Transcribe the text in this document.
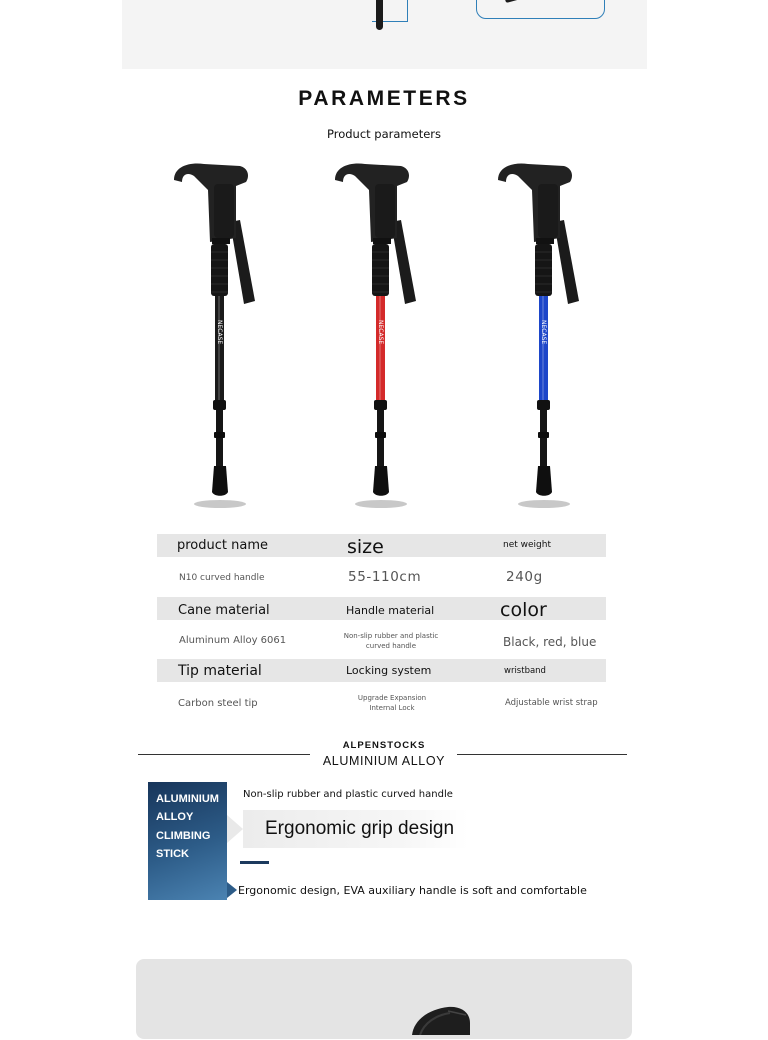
PARAMETERS
Product parameters
NECASE	NECASE	NECASE
product name	size	net weight
N10 curved handle	55-110cm	240g
Cane material	Handle material	color
Aluminum Alloy 6061	Non-slip rubber and plastic curved handle	Black, red, blue
Tip material	Locking system	wristband
Carbon steel tip	Upgrade Expansion Internal Lock	Adjustable wrist strap
ALPENSTOCKS
ALUMINIUM ALLOY
ALUMINIUM
ALLOY
CLIMBING
STICK
Non-slip rubber and plastic curved handle
Ergonomic grip design
Ergonomic design, EVA auxiliary handle is soft and comfortable
